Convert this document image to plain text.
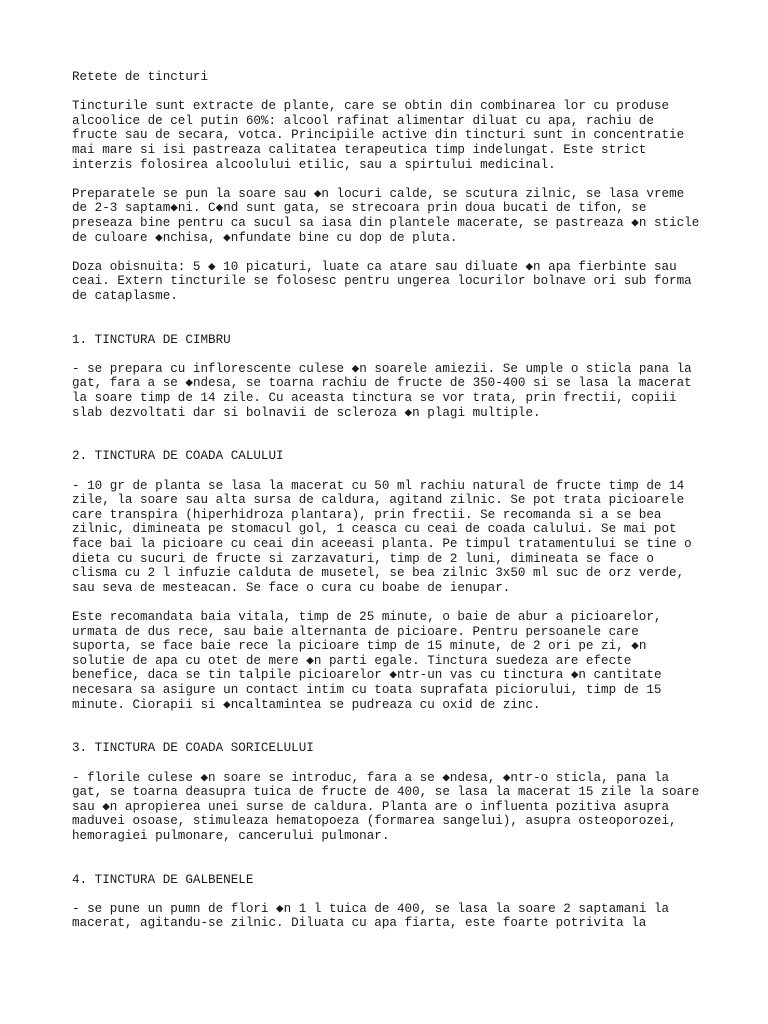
Retete de tincturi

Tincturile sunt extracte de plante, care se obtin din combinarea lor cu produse
alcoolice de cel putin 60%: alcool rafinat alimentar diluat cu apa, rachiu de
fructe sau de secara, votca. Principiile active din tincturi sunt in concentratie
mai mare si isi pastreaza calitatea terapeutica timp indelungat. Este strict
interzis folosirea alcoolului etilic, sau a spirtului medicinal.

Preparatele se pun la soare sau ◆n locuri calde, se scutura zilnic, se lasa vreme
de 2-3 saptam◆ni. C◆nd sunt gata, se strecoara prin doua bucati de tifon, se
preseaza bine pentru ca sucul sa iasa din plantele macerate, se pastreaza ◆n sticle
de culoare ◆nchisa, ◆nfundate bine cu dop de pluta.

Doza obisnuita: 5 ◆ 10 picaturi, luate ca atare sau diluate ◆n apa fierbinte sau
ceai. Extern tincturile se folosesc pentru ungerea locurilor bolnave ori sub forma
de cataplasme.

1. TINCTURA DE CIMBRU

- se prepara cu inflorescente culese ◆n soarele amiezii. Se umple o sticla pana la
gat, fara a se ◆ndesa, se toarna rachiu de fructe de 350-400 si se lasa la macerat
la soare timp de 14 zile. Cu aceasta tinctura se vor trata, prin frectii, copiii
slab dezvoltati dar si bolnavii de scleroza ◆n plagi multiple.

2. TINCTURA DE COADA CALULUI

- 10 gr de planta se lasa la macerat cu 50 ml rachiu natural de fructe timp de 14
zile, la soare sau alta sursa de caldura, agitand zilnic. Se pot trata picioarele
care transpira (hiperhidroza plantara), prin frectii. Se recomanda si a se bea
zilnic, dimineata pe stomacul gol, 1 ceasca cu ceai de coada calului. Se mai pot
face bai la picioare cu ceai din aceeasi planta. Pe timpul tratamentului se tine o
dieta cu sucuri de fructe si zarzavaturi, timp de 2 luni, dimineata se face o
clisma cu 2 l infuzie calduta de musetel, se bea zilnic 3x50 ml suc de orz verde,
sau seva de mesteacan. Se face o cura cu boabe de ienupar.

Este recomandata baia vitala, timp de 25 minute, o baie de abur a picioarelor,
urmata de dus rece, sau baie alternanta de picioare. Pentru persoanele care
suporta, se face baie rece la picioare timp de 15 minute, de 2 ori pe zi, ◆n
solutie de apa cu otet de mere ◆n parti egale. Tinctura suedeza are efecte
benefice, daca se tin talpile picioarelor ◆ntr-un vas cu tinctura ◆n cantitate
necesara sa asigure un contact intim cu toata suprafata piciorului, timp de 15
minute. Ciorapii si ◆ncaltamintea se pudreaza cu oxid de zinc.

3. TINCTURA DE COADA SORICELULUI

- florile culese ◆n soare se introduc, fara a se ◆ndesa, ◆ntr-o sticla, pana la
gat, se toarna deasupra tuica de fructe de 400, se lasa la macerat 15 zile la soare
sau ◆n apropierea unei surse de caldura. Planta are o influenta pozitiva asupra
maduvei osoase, stimuleaza hematopoeza (formarea sangelui), asupra osteoporozei,
hemoragiei pulmonare, cancerului pulmonar.

4. TINCTURA DE GALBENELE

- se pune un pumn de flori ◆n 1 l tuica de 400, se lasa la soare 2 saptamani la
macerat, agitandu-se zilnic. Diluata cu apa fiarta, este foarte potrivita la
